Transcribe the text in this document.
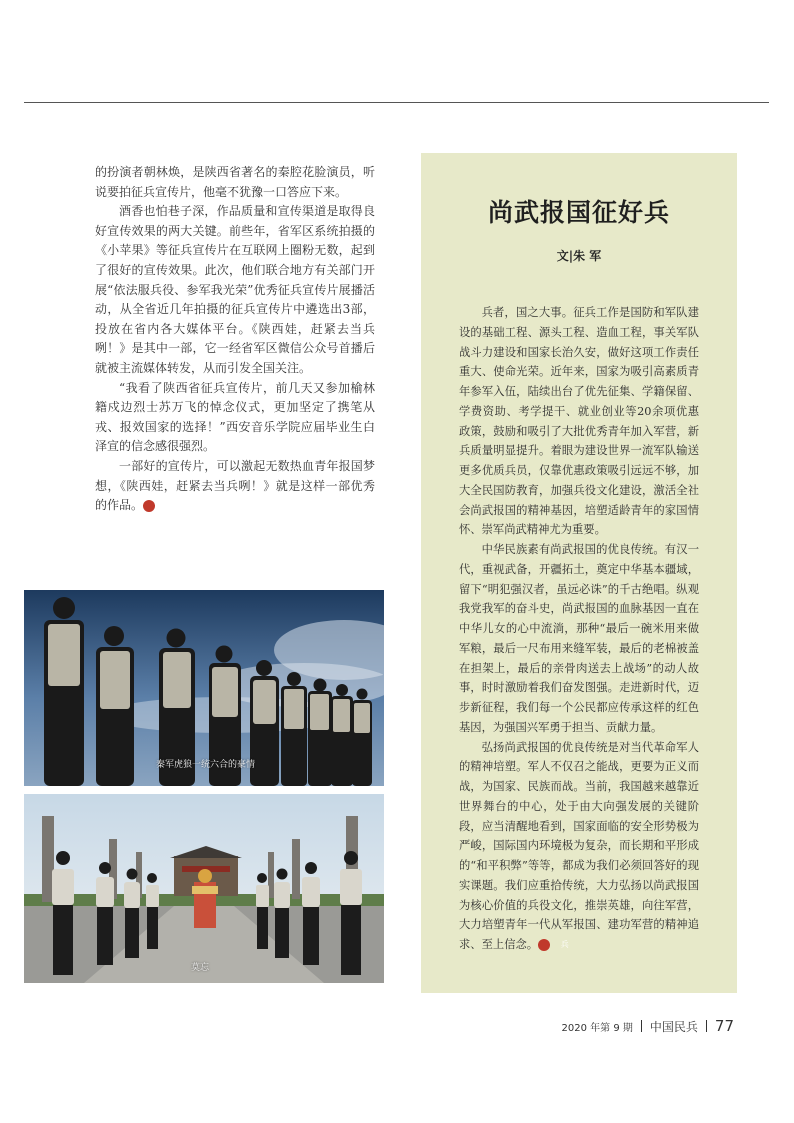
的扮演者朝林焕，是陕西省著名的秦腔花脸演员，听说要拍征兵宣传片，他毫不犹豫一口答应下来。

酒香也怕巷子深，作品质量和宣传渠道是取得良好宣传效果的两大关键。前些年，省军区系统拍摄的《小苹果》等征兵宣传片在互联网上圈粉无数，起到了很好的宣传效果。此次，他们联合地方有关部门开展“依法服兵役、参军我光荣”优秀征兵宣传片展播活动，从全省近几年拍摄的征兵宣传片中遴选出3部，投放在省内各大媒体平台。《陕西娃，赶紧去当兵咧！》是其中一部，它一经省军区微信公众号首播后就被主流媒体转发，从而引发全国关注。

“我看了陕西省征兵宣传片，前几天又参加榆林籍戍边烈士苏万飞的悼念仪式，更加坚定了携笔从戎、报效国家的选择！”西安音乐学院应届毕业生白泽宣的信念感很强烈。

一部好的宣传片，可以激起无数热血青年报国梦想，《陕西娃，赶紧去当兵咧！》就是这样一部优秀的作品。	兵

秦军虎狼一统六合的豪情
莫忘
尚武报国征好兵
文|朱 军

兵者，国之大事。征兵工作是国防和军队建设的基础工程、源头工程、造血工程，事关军队战斗力建设和国家长治久安，做好这项工作责任重大、使命光荣。近年来，国家为吸引高素质青年参军入伍，陆续出台了优先征集、学籍保留、学费资助、考学提干、就业创业等20余项优惠政策，鼓励和吸引了大批优秀青年加入军营，新兵质量明显提升。着眼为建设世界一流军队输送更多优质兵员，仅靠优惠政策吸引远远不够，加大全民国防教育，加强兵役文化建设，激活全社会尚武报国的精神基因，培塑适龄青年的家国情怀、崇军尚武精神尤为重要。

中华民族素有尚武报国的优良传统。有汉一代，重视武备，开疆拓土，奠定中华基本疆域，留下“明犯强汉者，虽远必诛”的千古绝唱。纵观我党我军的奋斗史，尚武报国的血脉基因一直在中华儿女的心中流淌，那种“最后一碗米用来做军粮，最后一尺布用来缝军装，最后的老棉被盖在担架上，最后的亲骨肉送去上战场”的动人故事，时时激励着我们奋发图强。走进新时代，迈步新征程，我们每一个公民都应传承这样的红色基因，为强国兴军勇于担当、贡献力量。

弘扬尚武报国的优良传统是对当代革命军人的精神培塑。军人不仅召之能战，更要为正义而战，为国家、民族而战。当前，我国越来越靠近世界舞台的中心，处于由大向强发展的关键阶段，应当清醒地看到，国家面临的安全形势极为严峻，国际国内环境极为复杂，而长期和平形成的“和平积弊”等等，都成为我们必须回答好的现实课题。我们应重拾传统，大力弘扬以尚武报国为核心价值的兵役文化，推崇英雄，向往军营，大力培塑青年一代从军报国、建功军营的精神追求、至上信念。	兵

2020 年第 9 期 中国民兵 77
